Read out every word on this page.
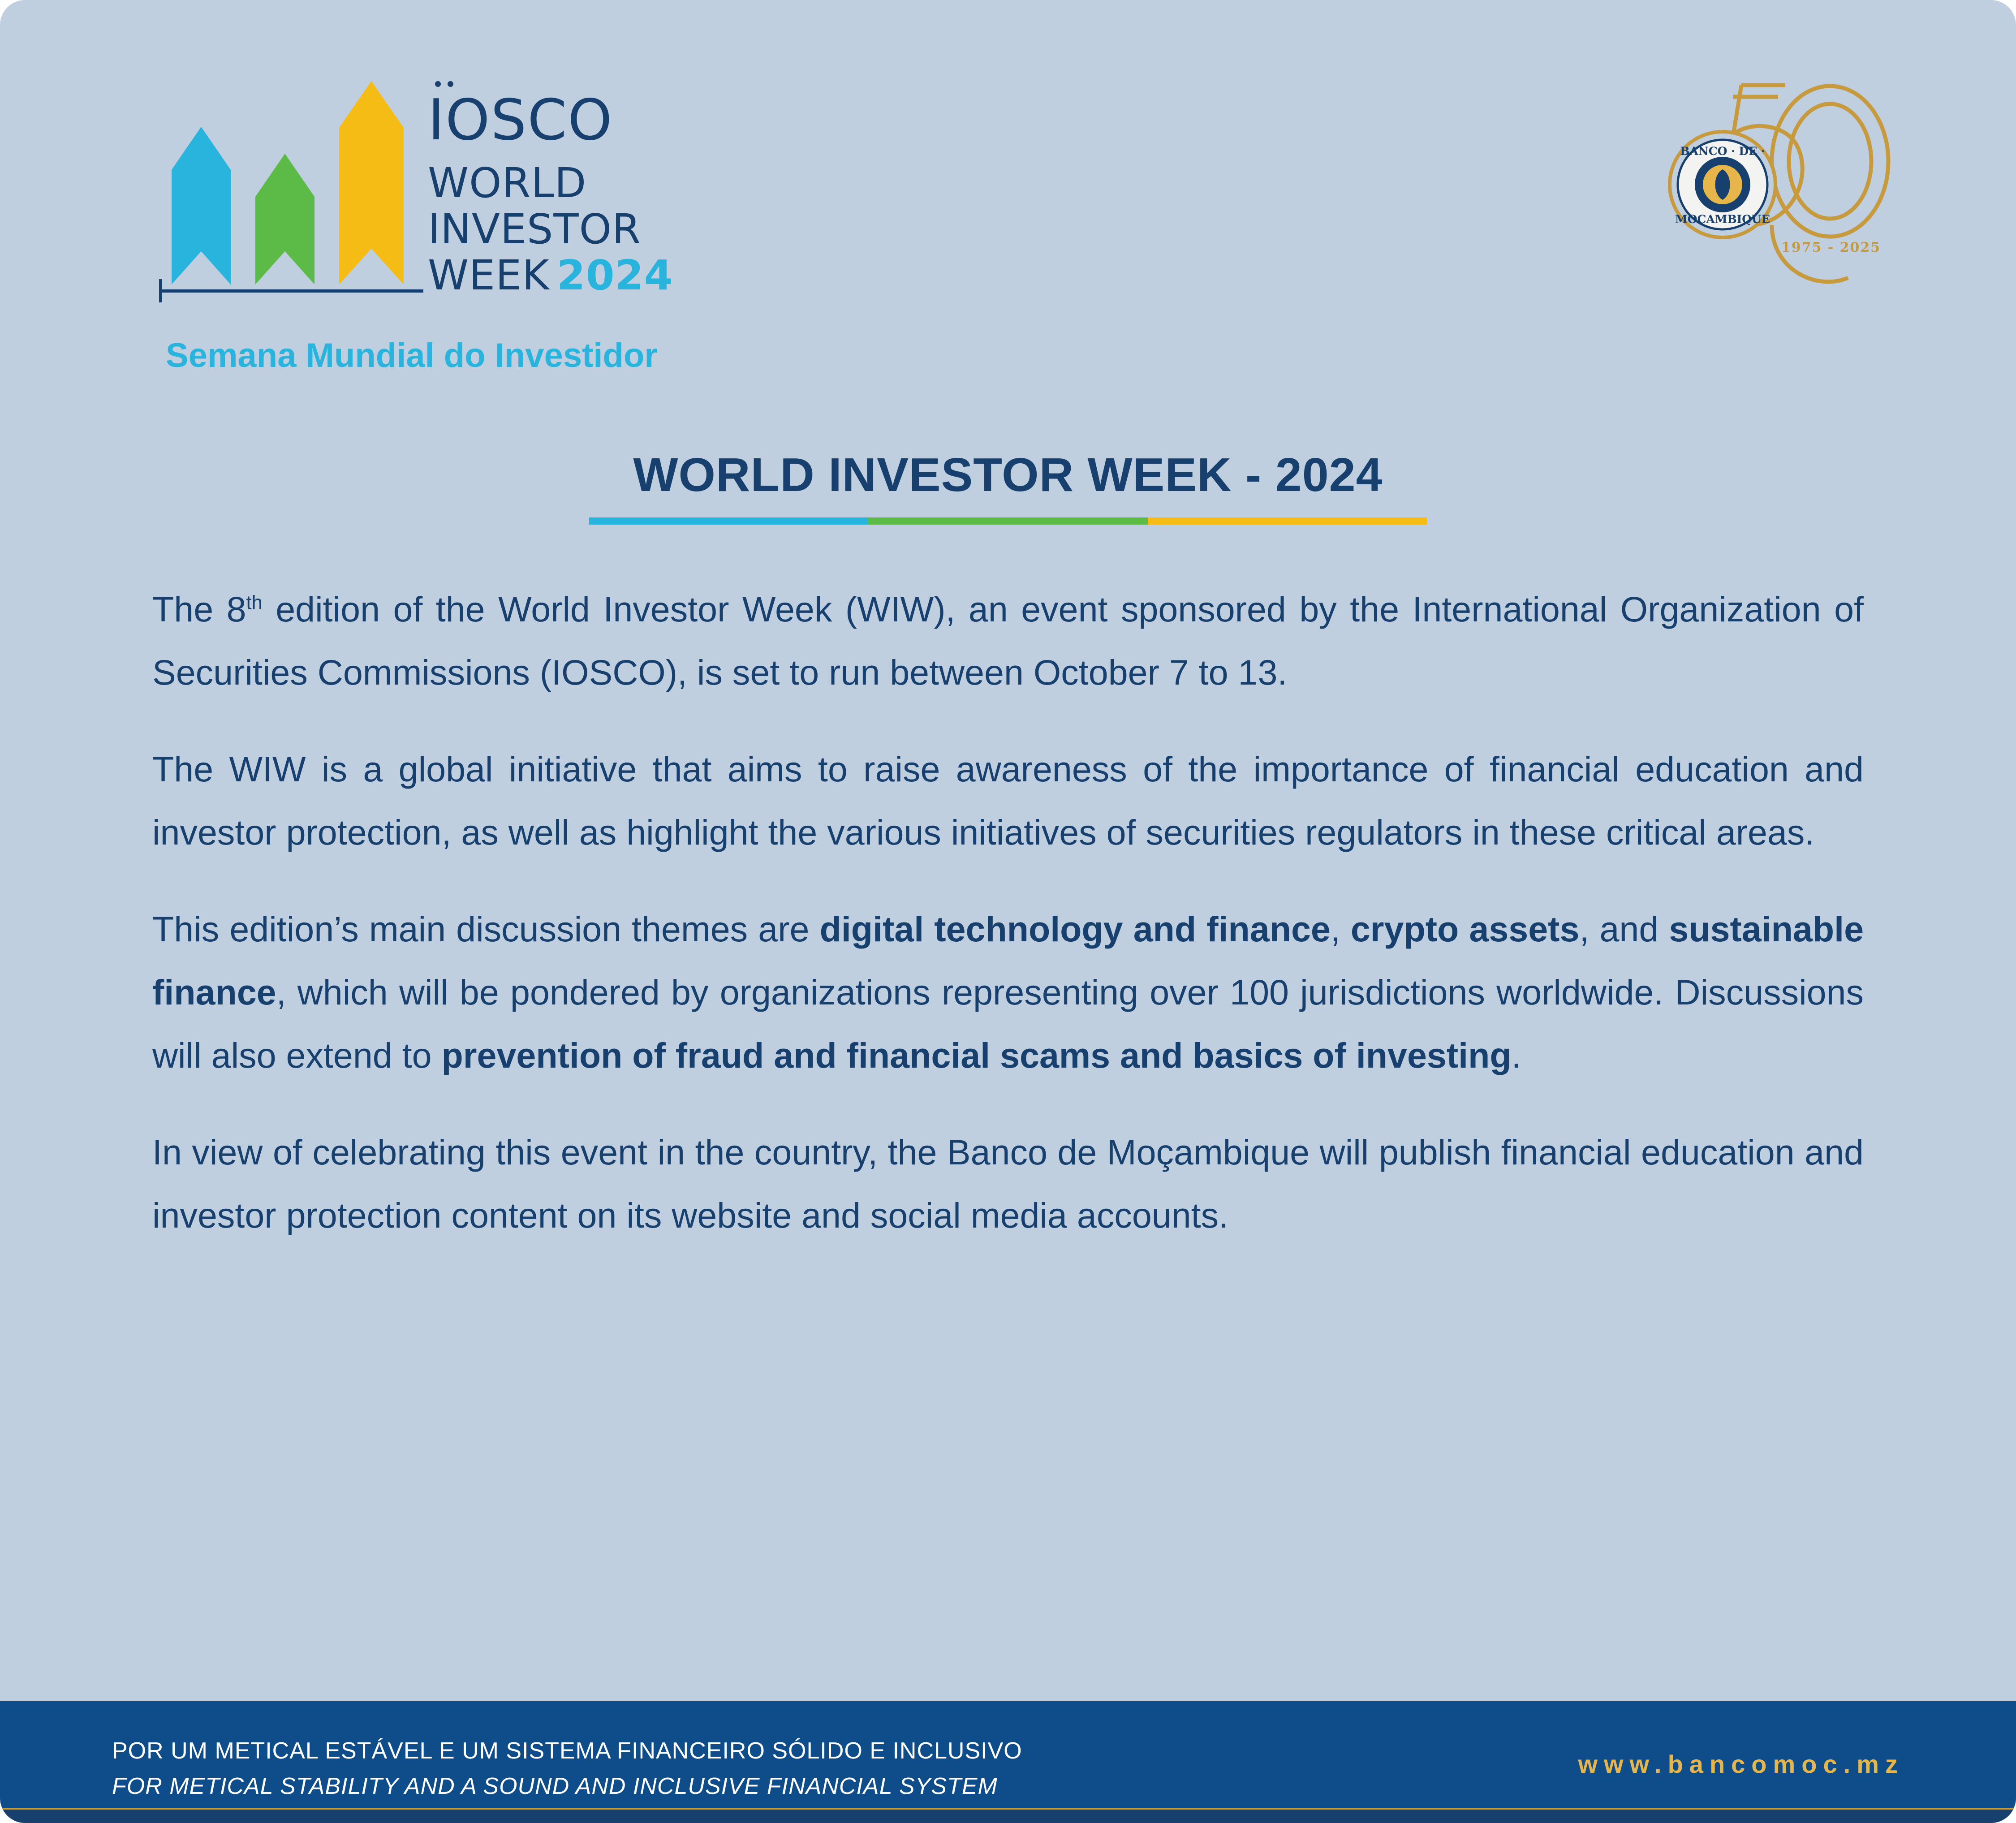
IOSCO
WORLD
INVESTOR
WEEK 2024
Semana Mundial do Investidor
BANCO · DE ·
MOÇAMBIQUE
1975 - 2025
WORLD INVESTOR WEEK - 2024

The 8th edition of the World Investor Week (WIW), an event sponsored by the International Organization of Securities Commissions (IOSCO), is set to run between October 7 to 13.

The WIW is a global initiative that aims to raise awareness of the importance of financial education and investor protection, as well as highlight the various initiatives of securities regulators in these critical areas.

This edition’s main discussion themes are digital technology and finance, crypto assets, and sustainable finance, which will be pondered by organizations representing over 100 jurisdictions worldwide. Discussions will also extend to prevention of fraud and financial scams and basics of investing.

In view of celebrating this event in the country, the Banco de Moçambique will publish financial education and investor protection content on its website and social media accounts.

POR UM METICAL ESTÁVEL E UM SISTEMA FINANCEIRO SÓLIDO E INCLUSIVO
FOR METICAL STABILITY AND A SOUND AND INCLUSIVE FINANCIAL SYSTEM
www.bancomoc.mz
